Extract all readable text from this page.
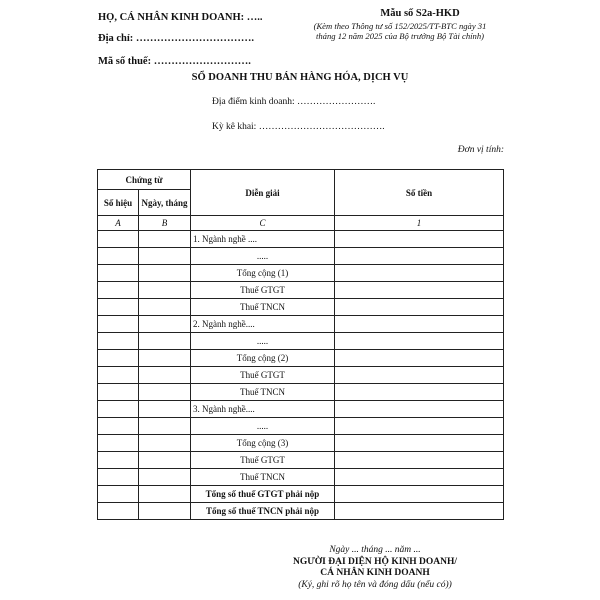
HỌ, CÁ NHÂN KINH DOANH: …..
Địa chỉ: …………………………….
Mã số thuế: ……………………….
Mẫu số S2a-HKD
(Kèm theo Thông tư số 152/2025/TT-BTC ngày 31
tháng 12 năm 2025 của Bộ trưởng Bộ Tài chính)
SỔ DOANH THU BÁN HÀNG HÓA, DỊCH VỤ
Địa điểm kinh doanh: …………………….
Kỳ kê khai: ………………………………….
Đơn vị tính:
Chứng từ		Diễn giải	Số tiền
Số hiệu	Ngày, tháng		
A	B	C	1
		1. Ngành nghề ....	
		.....	
		Tổng cộng (1)	
		Thuế GTGT	
		Thuế TNCN	
		2. Ngành nghề....	
		.....	
		Tổng cộng (2)	
		Thuế GTGT	
		Thuế TNCN	
		3. Ngành nghề....	
		.....	
		Tổng cộng (3)	
		Thuế GTGT	
		Thuế TNCN	
		Tổng số thuế GTGT phải nộp	
		Tổng số thuế TNCN phải nộp	
Ngày ... tháng ... năm ...
NGƯỜI ĐẠI DIỆN HỘ KINH DOANH/
CÁ NHÂN KINH DOANH
(Ký, ghi rõ họ tên và đóng dấu (nếu có))
